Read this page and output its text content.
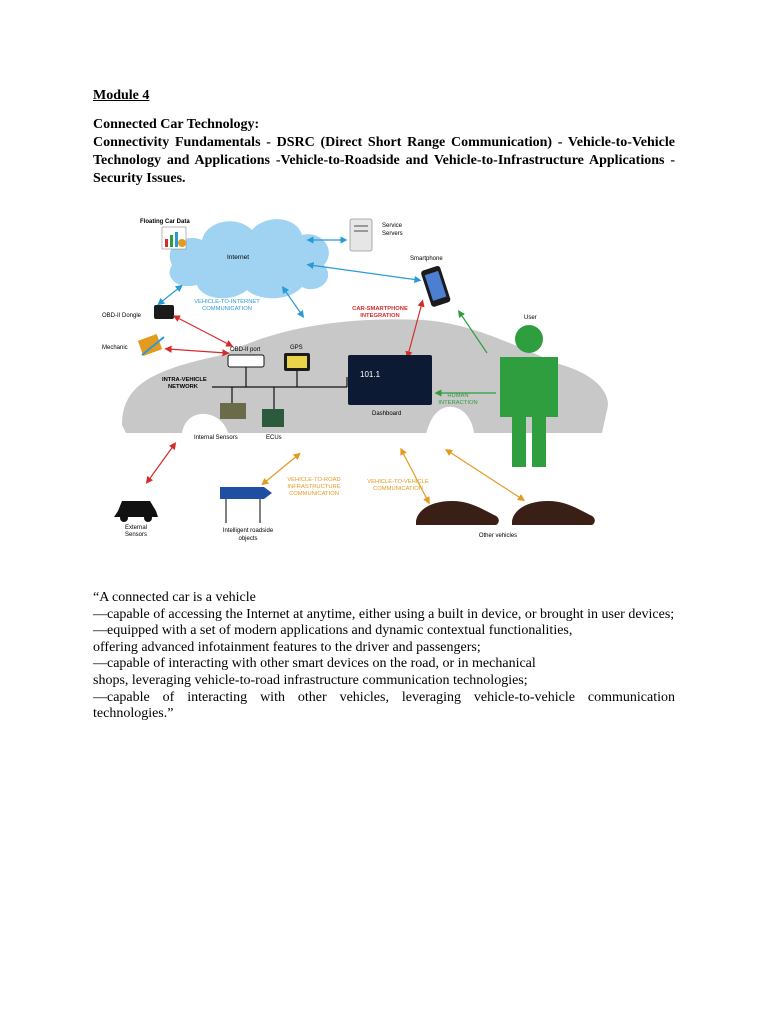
Module 4
Connected Car Technology:
Connectivity Fundamentals - DSRC (Direct Short Range Communication) - Vehicle-to-Vehicle Technology and Applications -Vehicle-to-Roadside and Vehicle-to-Infrastructure Applications -Security Issues.
Internet
Floating Car Data
Service
Servers
Smartphone
VEHICLE-TO-INTERNET
COMMUNICATION
OBD-II Dongle
Mechanic
CAR-SMARTPHONE
INTEGRATION
OBD-II port	GPS
INTRA-VEHICLE
NETWORK
101.1
Dashboard
Internal Sensors	ECUs
User
HUMAN
INTERACTION
External
Sensors
Intelligent roadside
objects
VEHICLE-TO-ROAD
INFRASTRUCTURE
COMMUNICATION
VEHICLE-TO-VEHICLE
COMMUNICATION
Other vehicles

“A connected car is a vehicle

—capable of accessing the Internet at anytime, either using a built in device, or brought in user devices;

—equipped with a set of modern applications and dynamic contextual functionalities,

offering advanced infotainment features to the driver and passengers;

—capable of interacting with other smart devices on the road, or in mechanical

shops, leveraging vehicle-to-road infrastructure communication technologies;

—capable of interacting with other vehicles, leveraging vehicle-to-vehicle communication technologies.”
